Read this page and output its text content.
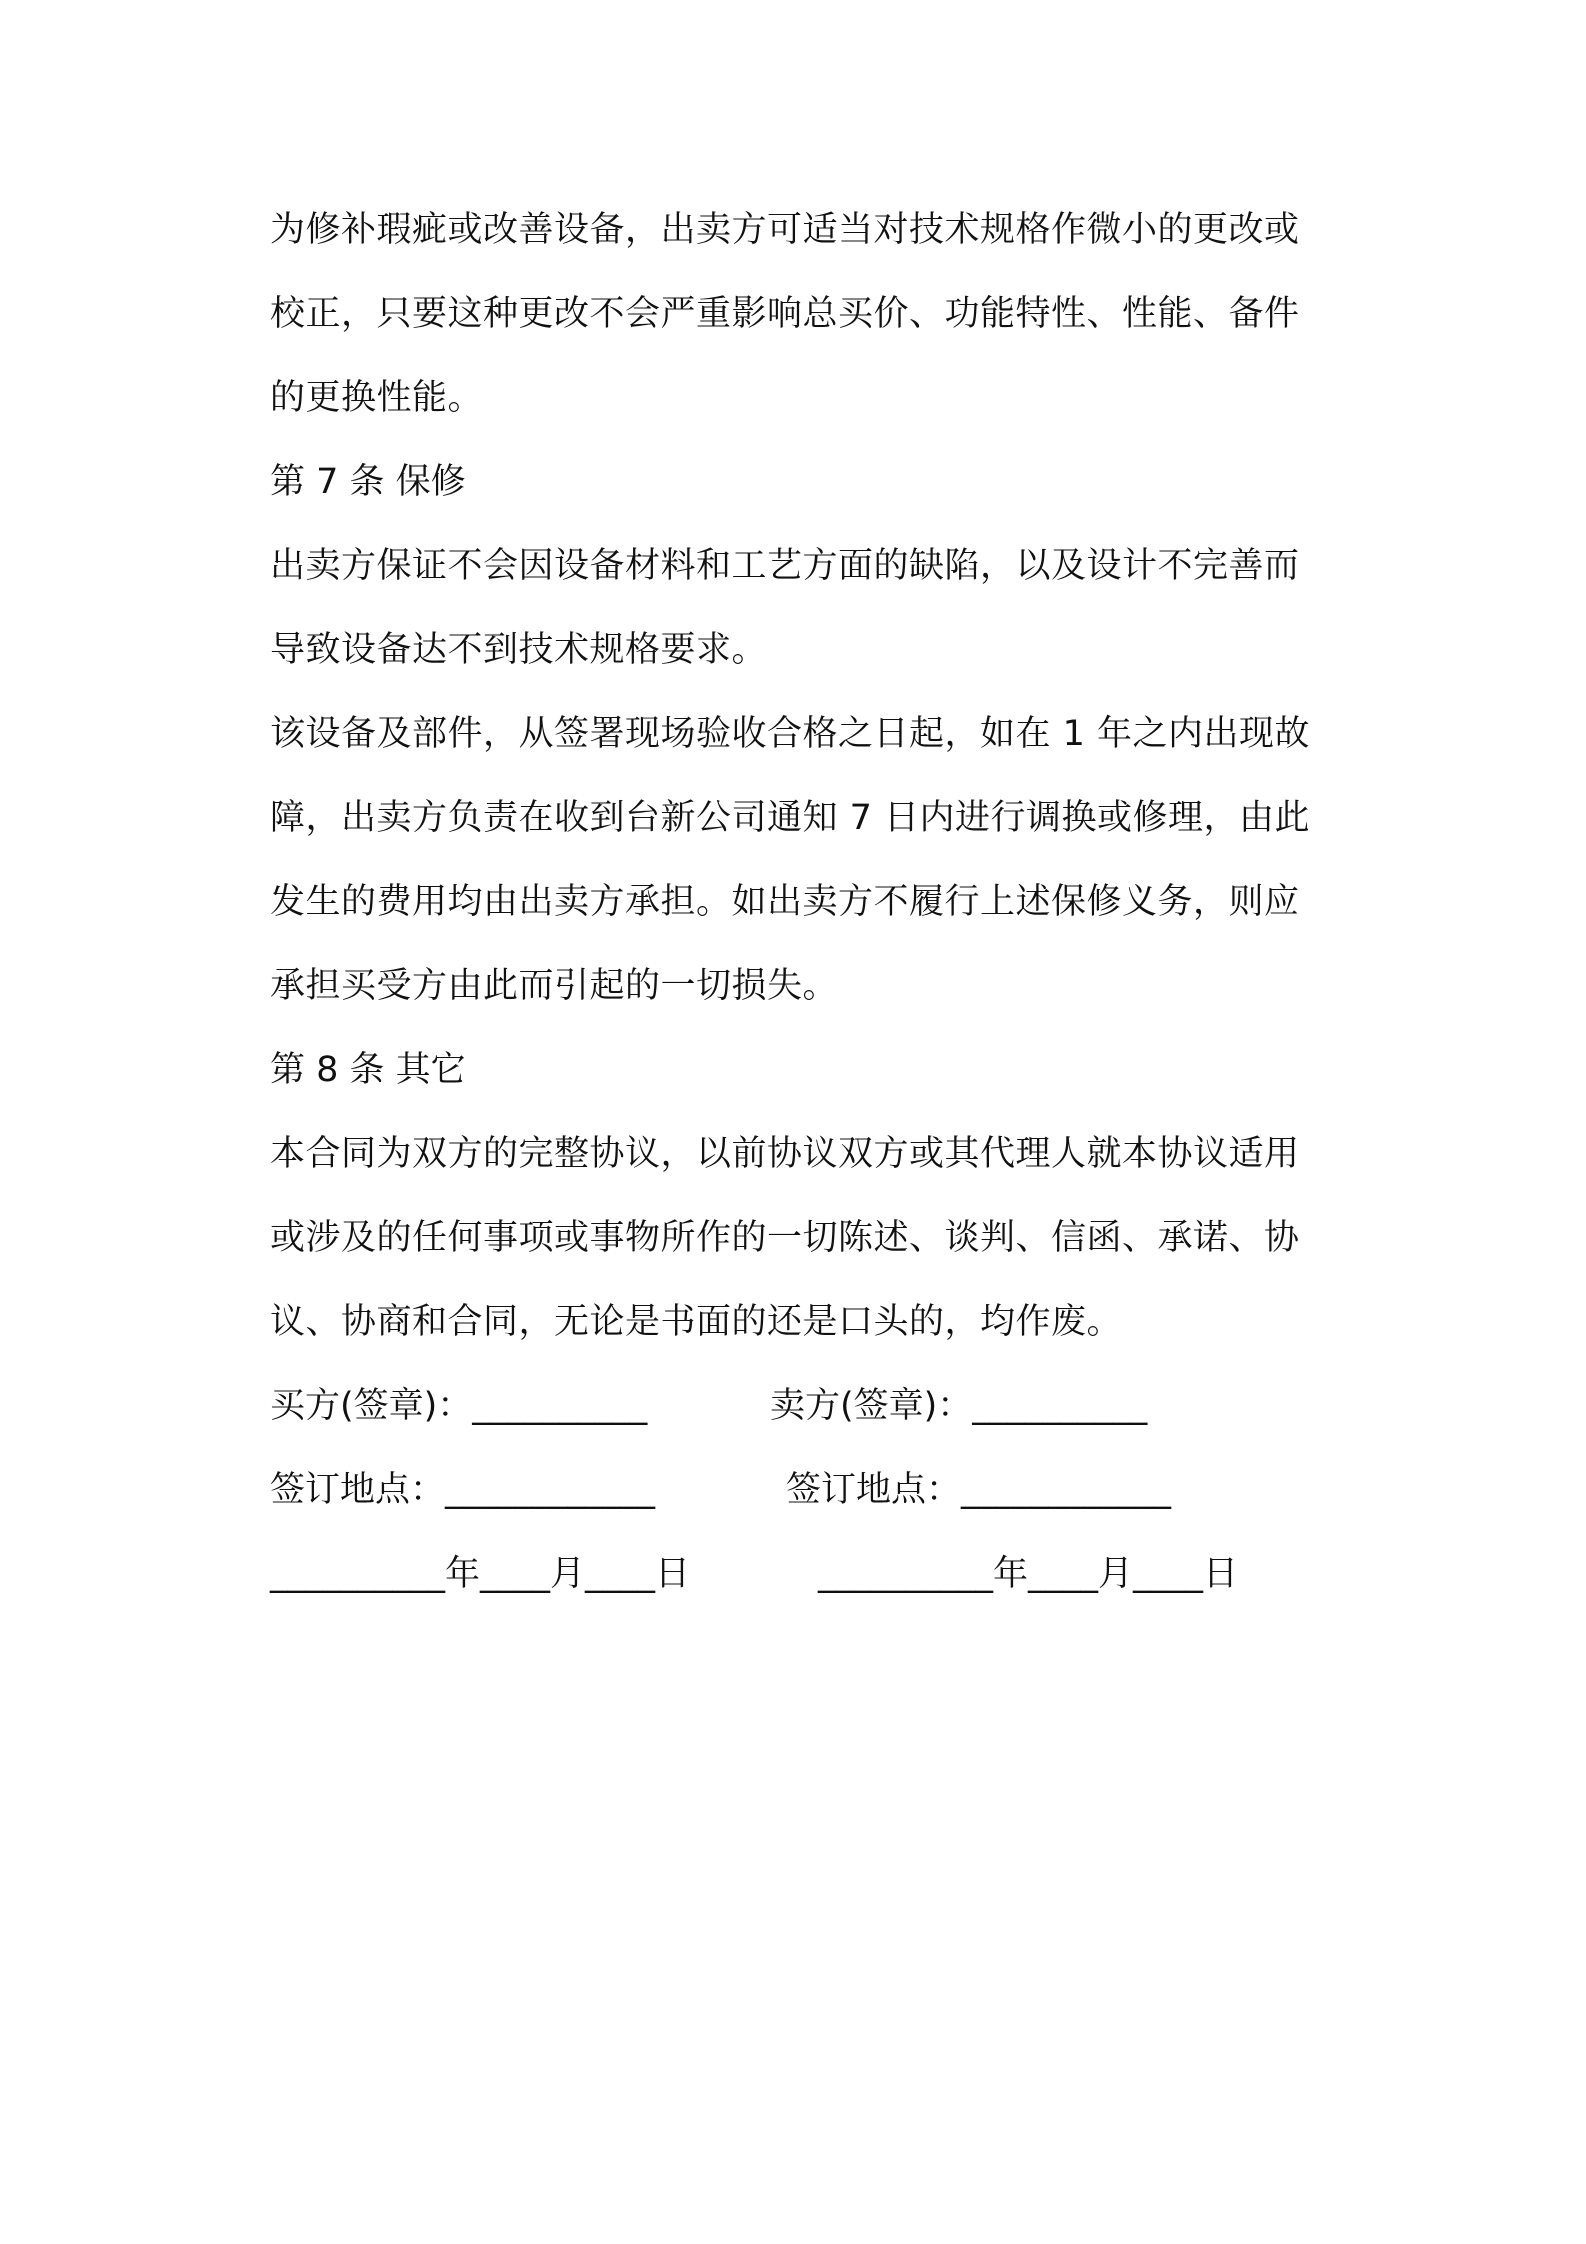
为修补瑕疵或改善设备，出卖方可适当对技术规格作微小的更改或
校正，只要这种更改不会严重影响总买价、功能特性、性能、备件
的更换性能。
第 7 条 保修
出卖方保证不会因设备材料和工艺方面的缺陷，以及设计不完善而
导致设备达不到技术规格要求。
该设备及部件，从签署现场验收合格之日起，如在 1 年之内出现故
障，出卖方负责在收到台新公司通知 7 日内进行调换或修理，由此
发生的费用均由出卖方承担。如出卖方不履行上述保修义务，则应
承担买受方由此而引起的一切损失。
第 8 条 其它
本合同为双方的完整协议，以前协议双方或其代理人就本协议适用
或涉及的任何事项或事物所作的一切陈述、谈判、信函、承诺、协
议、协商和合同，无论是书面的还是口头的，均作废。
买方(签章)：__________	卖方(签章)：__________
签订地点：____________	签订地点：____________
__________年____月____日	__________年____月____日
